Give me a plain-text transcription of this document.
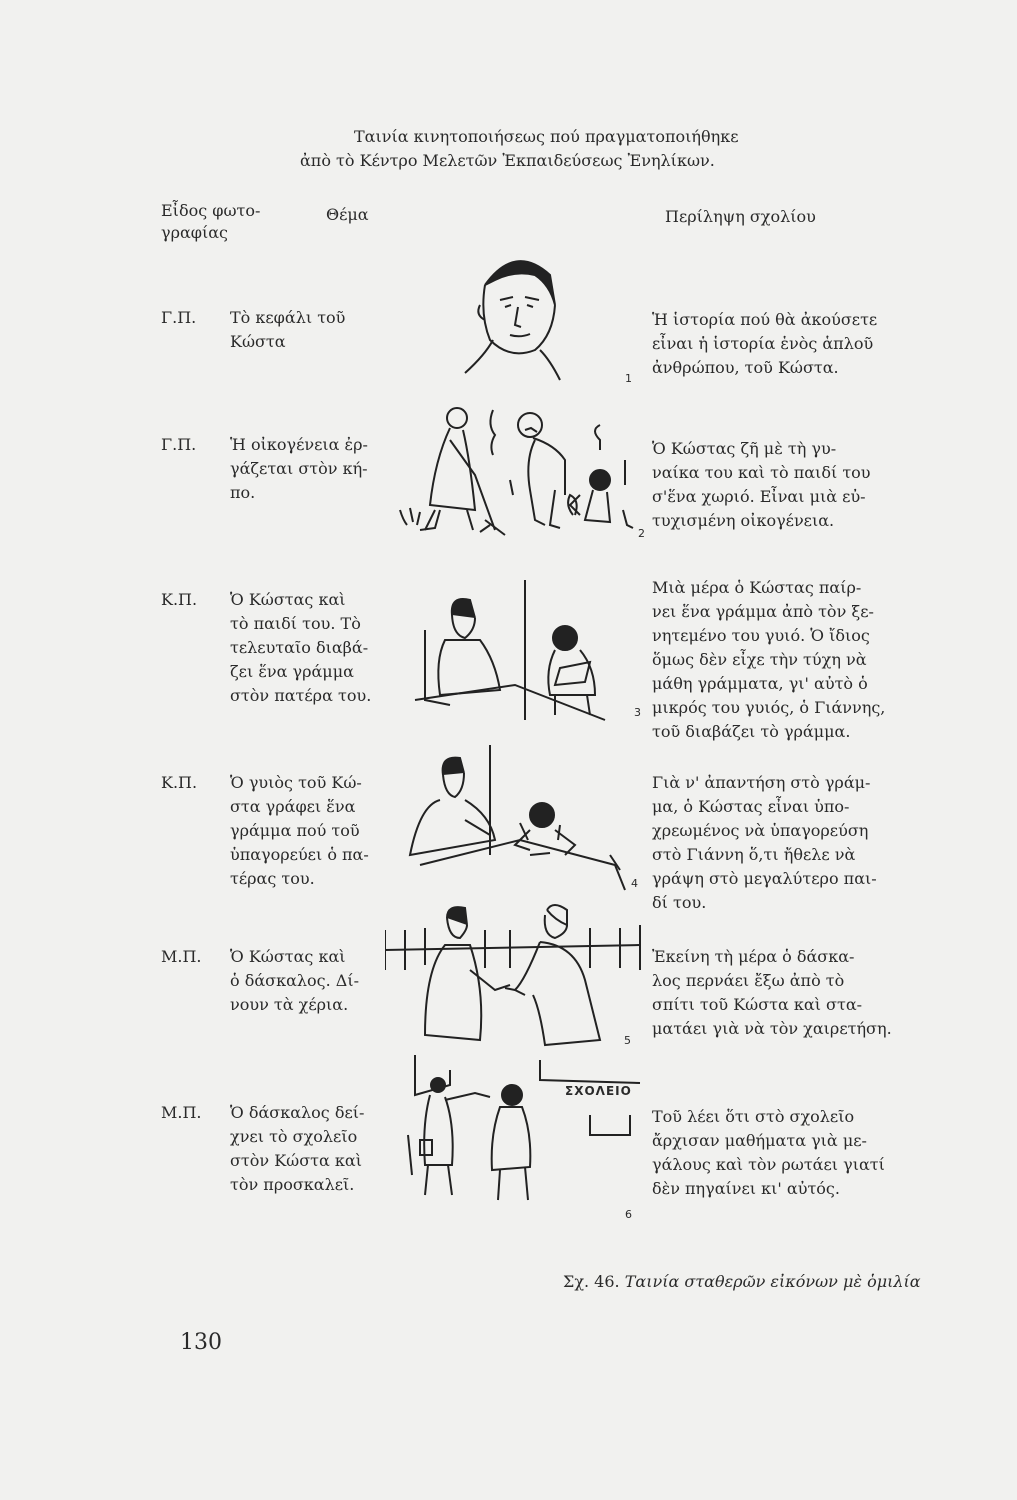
Ταινία κινητοποιήσεως πού πραγματοποιήθηκε
ἀπὸ τὸ Κέντρο Μελετῶν Ἐκπαιδεύσεως Ἐνηλίκων.
Εἶδος φωτο-
γραφίας
Θέμα	Περίληψη σχολίου
Γ.Π. Τὸ κεφάλι τοῦ
Κώστα
1
Ἡ ἱστορία πού θὰ ἀκούσετε
εἶναι ἡ ἱστορία ἑνὸς ἁπλοῦ
ἀνθρώπου, τοῦ Κώστα.
Γ.Π. Ἡ οἰκογένεια ἐρ-
γάζεται στὸν κή-
πο.
2
Ὁ Κώστας ζῆ μὲ τὴ γυ-
ναίκα του καὶ τὸ παιδί του
σ'ἕνα χωριό. Εἶναι μιὰ εὐ-
τυχισμένη οἰκογένεια.
Κ.Π. Ὁ Κώστας καὶ
τὸ παιδί του. Τὸ
τελευταῖο διαβά-
ζει ἕνα γράμμα
στὸν πατέρα του.
3
Μιὰ μέρα ὁ Κώστας παίρ-
νει ἕνα γράμμα ἀπὸ τὸν ξε-
νητεμένο του γυιό. Ὁ ἴδιος
ὅμως δὲν εἶχε τὴν τύχη νὰ
μάθη γράμματα, γι' αὐτὸ ὁ
μικρός του γυιός, ὁ Γιάννης,
τοῦ διαβάζει τὸ γράμμα.
Κ.Π. Ὁ γυιὸς τοῦ Κώ-
στα γράφει ἕνα
γράμμα πού τοῦ
ὑπαγορεύει ὁ πα-
τέρας του.	4
Γιὰ ν' ἀπαντήση στὸ γράμ-
μα, ὁ Κώστας εἶναι ὑπο-
χρεωμένος νὰ ὑπαγορεύση
στὸ Γιάννη ὅ,τι ἤθελε νὰ
γράψη στὸ μεγαλύτερο παι-
δί του.
Μ.Π. Ὁ Κώστας καὶ
ὁ δάσκαλος. Δί-
νουν τὰ χέρια.
5
Ἐκείνη τὴ μέρα ὁ δάσκα-
λος περνάει ἔξω ἀπὸ τὸ
σπίτι τοῦ Κώστα καὶ στα-
ματάει γιὰ νὰ τὸν χαιρετήση.
Μ.Π. Ὁ δάσκαλος δεί-
χνει τὸ σχολεῖο
στὸν Κώστα καὶ
τὸν προσκαλεῖ.
ΣΧΟΛΕΙΟ
6
Τοῦ λέει ὅτι στὸ σχολεῖο
ἄρχισαν μαθήματα γιὰ με-
γάλους καὶ τὸν ρωτάει γιατί
δὲν πηγαίνει κι' αὐτός.
Σχ. 46. Ταινία σταθερῶν εἰκόνων μὲ ὁμιλία
130
